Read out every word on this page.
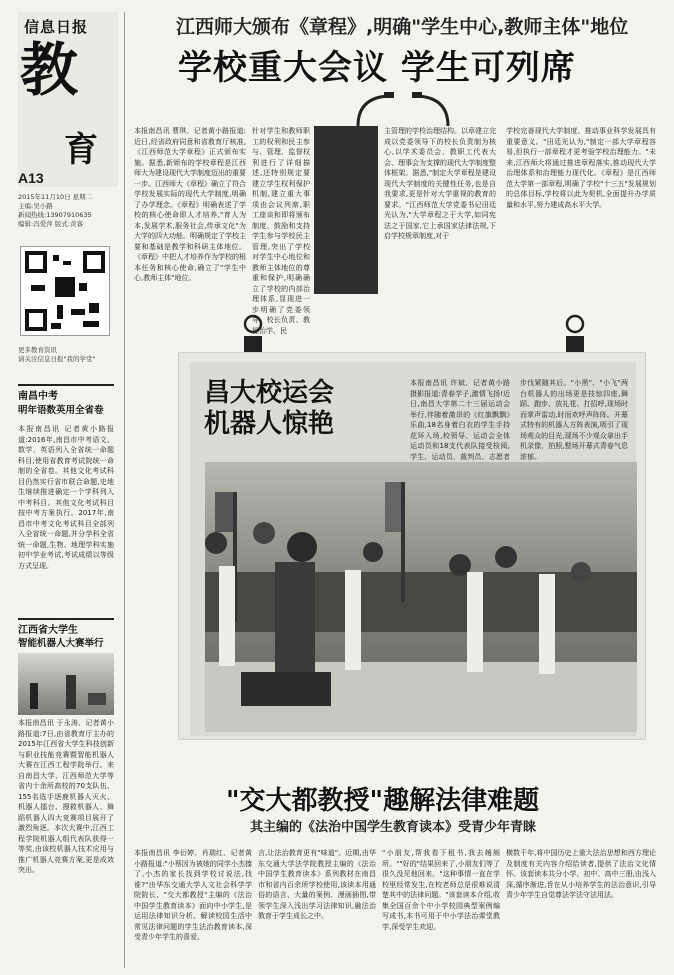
信息日报
教
育
A13
2015年11月10日 星期二
主编:吴小路
新闻热线:13907910635
编辑:冯爱萍 版式:黄睿
更多教育资讯
请关注信息日报"我的学堂"
南昌中考
明年语数英用全省卷
本报南昌讯 记者黄小路报道:2016年,南昌市中考语文、数学、英语列入全省统一命题科目,使用省教育考试院统一命制的全省卷。其他文化考试科目仍然实行省市联合命题,史地生继续推进确定一个学科列入中考科目。其他文化考试科目按中考方案执行。2017年,南昌市中考文化考试科目全部列入全省统一命题,并分学科全省统一命题,生物、地理学科实施初中学业考试,考试成绩以等级方式呈现。
江西省大学生
智能机器人大赛举行
本报南昌讯 于永涛、记者黄小路报道:7日,由省教育厅主办的2015年江西省大学生科技创新与职业技能竞赛暨智能机器人大赛在江西工程学院举行。来自南昌大学、江西师范大学等省内十余所高校的70支队伍、155名选手逐鹿机器人灭火、机器人擂台、搜救机器人、舞蹈机器人四大竞赛项目展开了激烈角逐。本次大赛中,江西工程学院机器人组代表队获得一等奖,由该校机器人技术应用与推广机器人竞赛方案,更是成效突出。
江西师大颁布《章程》,明确"学生中心,教师主体"地位
学校重大会议 学生可列席
本报南昌讯 曹琪、记者黄小路报道:近日,经省政府同意和省教育厅核准,《江西师范大学章程》正式颁布实施。据悉,新颁布的学校章程是江西师大为建设现代大学制度迈出的重要一步。江西师大《章程》确立了符合学校发展实际的现代大学制度,明确了办学理念。《章程》明确表述了学校的核心使命即人才培养,"育人为本,发展学术,服务社会,传承文化"为大学的四大功能。明确规定了学校主要和基础是教学和科研主体地位。《章程》中把人才培养作为学校的根本任务和核心使命,确立了"学生中心,教师主体"地位。
针对学生和教师职工的权利和民主参与、管理、监督权利进行了详细描述,还特别规定要建立学生权利保护机制,建立重大事项由会议列席,职工座谈和即将颁布制度、鼓励和支持学生参与学校民主管理,突出了学校对学生中心地位和教师主体地位的尊重和保护,明确确立了学校的内部治理体系,显现进一步明确了党委领导、校长负责、教授治学、民
主管理的学校治理结构。以章建立完成以党委领导下的校长负责制为核心,以学术委员会、教职工代表大会、理事会为支撑的现代大学制度整体框架。据悉,"制定大学章程是建设现代大学制度的关键性任务,也是自我要求,更是针对大学重视的教育的要求。"江西师范大学党委书记田廷光认为,"大学章程之于大学,如同宪法之于国家,它上承国家法律法规,下启学校规章制度,对于
学校完善现代大学制度、推动事业科学发展具有重要意义。"田廷光认为,"制定一部大学章程容易,但执行一部章程才更考验学校治理能力。"未来,江西师大将通过推进章程落实,推动现代大学治理体系和治理能力现代化。《章程》是江西师范大学第一部章程,明确了学校"十三五"发展规划的总体目标,学校将以此为契机,全面提升办学质量和水平,努力建成高水平大学。
昌大校运会
机器人惊艳
本报南昌讯 许斌、记者黄小路摄影报道:青春学子,激情飞扬!近日,南昌大学第二十三届运动会举行,伴随着激昂的《红旗飘飘》乐曲,18名身着白衣的学生手持花环入场,校领导、运动会全体运动员和18支代表队接受检阅,学生、运动员、裁判员、志愿者
步伐紧随其后。"小黑"、"小飞"两台机器人的出场更是技惊四座,舞蹈、跑步、放礼花、打招呼,现场时而掌声雷动,时而欢呼声阵阵。开幕式特有的机器人方阵表演,吸引了现场观众的目光,现场不少观众拿出手机录像、拍照,整场开幕式青春气息浓郁。
"交大都教授"趣解法律难题
其主编的《法治中国学生教育读本》受青少年青睐
本报南昌讯 李衍婷、肖瑞红、记者黄小路报道:"小蔡因为被她的同学小杰揍了,小杰的家长找到学校讨说法,找谁?"由华东交通大学人文社会科学学院院长、"交大都教授"主编的《法治中国学生教育读本》面向中小学生,是运用法律知识分析、解读校园生活中常见法律问题的学生法治教育读本,深受青少年学生的喜爱。
言,让法治教育更有"味道"。近期,由华东交通大学法学院教授主编的《法治中国学生教育读本》系列教材在南昌市和省内百余所学校使用,该读本用通俗的语言、大量的案例、漫画插图,带领学生深入浅出学习法律知识,融法治教育于学生成长之中。
"小朋友,帮我看下租书,我去趟厕所。""好的"结果回来了,小朋友们等了很久没见他回来。"这种事情一直在学校里经常发生,在校老师总是很难说清楚其中的法律问题。"该套读本介绍,收集全国百余个中小学校园典型案例编写成书,本书可用于中小学法治课堂教学,深受学生欢迎。
横数千年,将中国历史上重大法治思想和西方理论及制度有关内容介绍给读者,提供了法治文化情怀。该套读本共分小学、初中、高中三册,由浅入深,循序渐进,旨在从小培养学生的法治意识,引导青少年学生自觉尊法学法守法用法。
